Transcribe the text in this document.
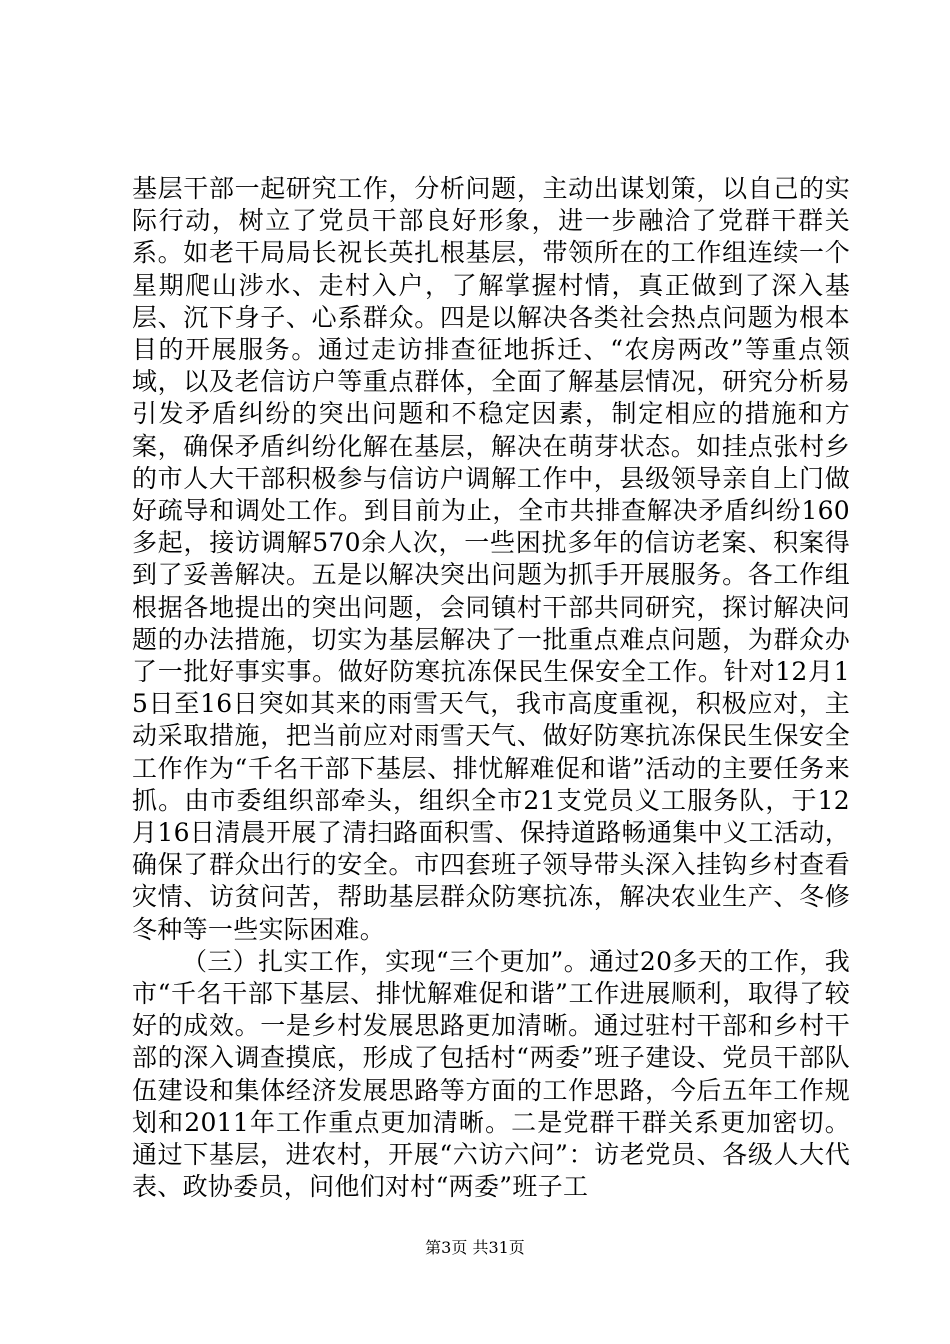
基层干部一起研究工作，分析问题，主动出谋划策，以自己的实际行动，树立了党员干部良好形象，进一步融洽了党群干群关系。如老干局局长祝长英扎根基层，带领所在的工作组连续一个星期爬山涉水、走村入户，了解掌握村情，真正做到了深入基层、沉下身子、心系群众。四是以解决各类社会热点问题为根本目的开展服务。通过走访排查征地拆迁、“农房两改”等重点领域，以及老信访户等重点群体，全面了解基层情况，研究分析易引发矛盾纠纷的突出问题和不稳定因素，制定相应的措施和方案，确保矛盾纠纷化解在基层，解决在萌芽状态。如挂点张村乡的市人大干部积极参与信访户调解工作中，县级领导亲自上门做好疏导和调处工作。到目前为止，全市共排查解决矛盾纠纷160多起，接访调解570余人次，一些困扰多年的信访老案、积案得到了妥善解决。五是以解决突出问题为抓手开展服务。各工作组根据各地提出的突出问题，会同镇村干部共同研究，探讨解决问题的办法措施，切实为基层解决了一批重点难点问题，为群众办了一批好事实事。做好防寒抗冻保民生保安全工作。针对12月15日至16日突如其来的雨雪天气，我市高度重视，积极应对，主动采取措施，把当前应对雨雪天气、做好防寒抗冻保民生保安全工作作为“千名干部下基层、排忧解难促和谐”活动的主要任务来抓。由市委组织部牵头，组织全市21支党员义工服务队，于12月16日清晨开展了清扫路面积雪、保持道路畅通集中义工活动，确保了群众出行的安全。市四套班子领导带头深入挂钩乡村查看灾情、访贫问苦，帮助基层群众防寒抗冻，解决农业生产、冬修冬种等一些实际困难。

（三）扎实工作，实现“三个更加”。通过20多天的工作，我市“千名干部下基层、排忧解难促和谐”工作进展顺利，取得了较好的成效。一是乡村发展思路更加清晰。通过驻村干部和乡村干部的深入调查摸底，形成了包括村“两委”班子建设、党员干部队伍建设和集体经济发展思路等方面的工作思路，今后五年工作规划和2011年工作重点更加清晰。二是党群干群关系更加密切。通过下基层，进农村，开展“六访六问”：访老党员、各级人大代表、政协委员，问他们对村“两委”班子工

第3页 共31页
